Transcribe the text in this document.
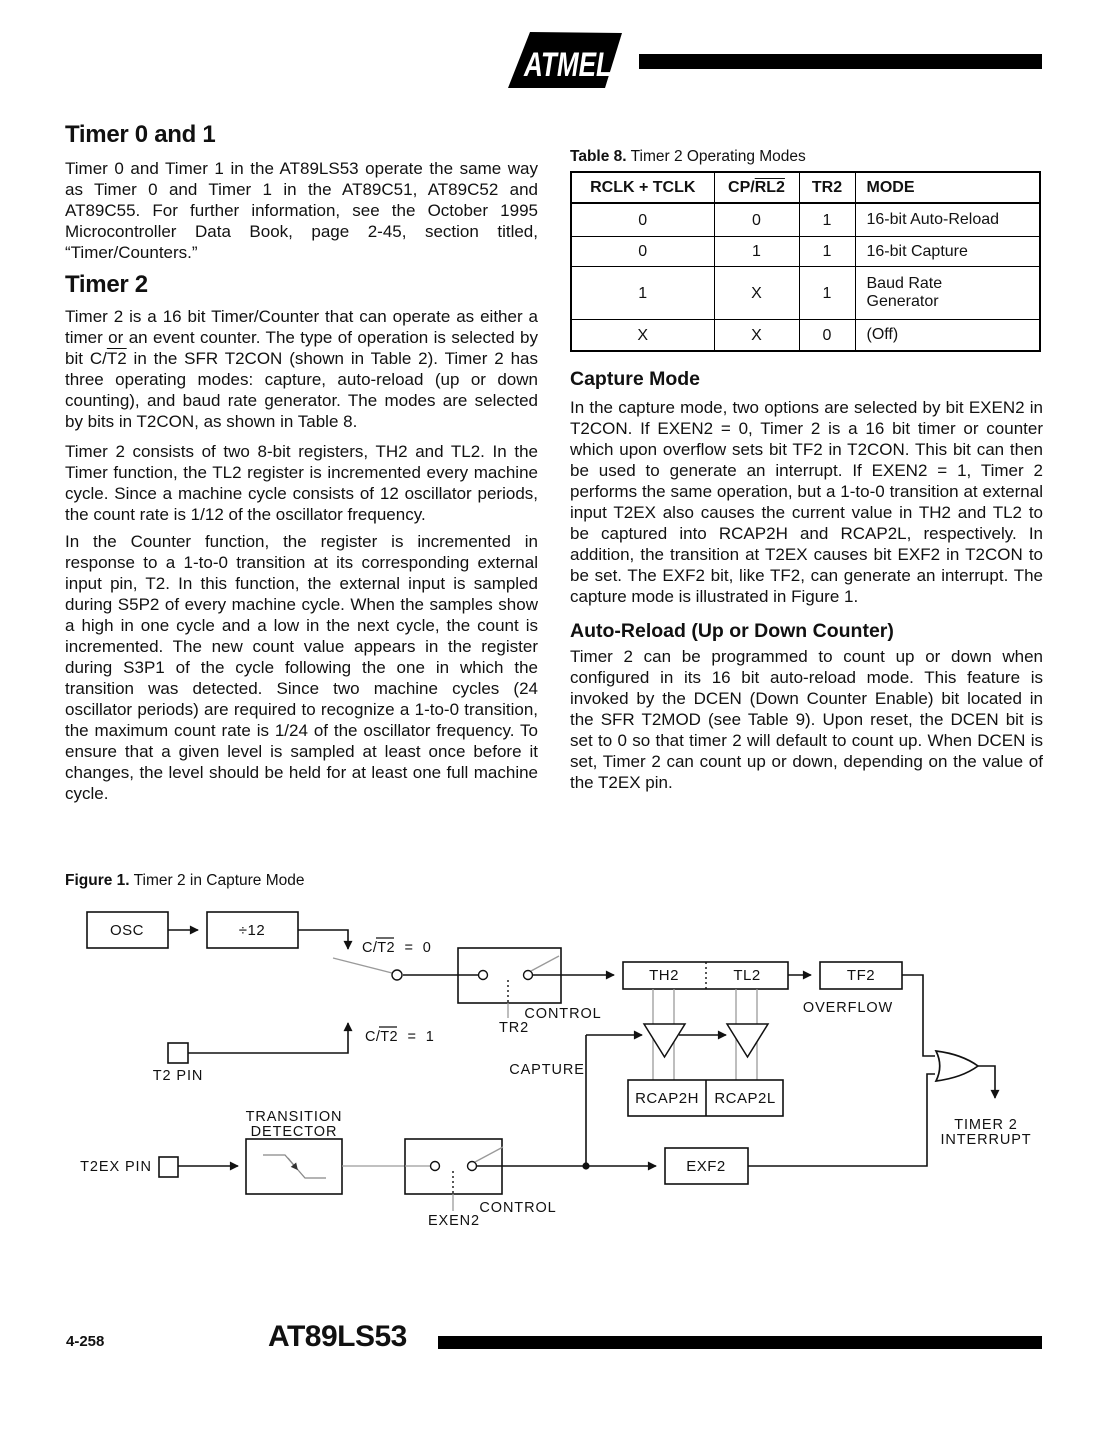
ATMEL
Timer 0 and 1

Timer 0 and Timer 1 in the AT89LS53 operate the same way as Timer 0 and Timer 1 in the AT89C51, AT89C52 and AT89C55. For further information, see the October 1995 Microcontroller Data Book, page 2-45, section titled, “Timer/Counters.”

Timer 2

Timer 2 is a 16 bit Timer/Counter that can operate as either a timer or an event counter. The type of operation is selected by bit C/T2 in the SFR T2CON (shown in Table 2). Timer 2 has three operating modes: capture, auto-reload (up or down counting), and baud rate generator. The modes are selected by bits in T2CON, as shown in Table 8.

Timer 2 consists of two 8-bit registers, TH2 and TL2. In the Timer function, the TL2 register is incremented every machine cycle. Since a machine cycle consists of 12 oscillator periods, the count rate is 1/12 of the oscillator frequency.

In the Counter function, the register is incremented in response to a 1-to-0 transition at its corresponding external input pin, T2. In this function, the external input is sampled during S5P2 of every machine cycle. When the samples show a high in one cycle and a low in the next cycle, the count is incremented. The new count value appears in the register during S3P1 of the cycle following the one in which the transition was detected. Since two machine cycles (24 oscillator periods) are required to recognize a 1-to-0 transition, the maximum count rate is 1/24 of the oscillator frequency. To ensure that a given level is sampled at least once before it changes, the level should be held for at least one full machine cycle.

Table 8. Timer 2 Operating Modes
RCLK + TCLK	CP/RL2	TR2	MODE
0	0	1	16-bit Auto-Reload
0	1	1	16-bit Capture
1	X	1	Baud Rate
Generator

X	X	0	(Off)
Capture Mode

In the capture mode, two options are selected by bit EXEN2 in T2CON. If EXEN2 = 0, Timer 2 is a 16 bit timer or counter which upon overflow sets bit TF2 in T2CON. This bit can then be used to generate an interrupt. If EXEN2 = 1, Timer 2 performs the same operation, but a 1-to-0 transition at external input T2EX also causes the current value in TH2 and TL2 to be captured into RCAP2H and RCAP2L, respectively. In addition, the transition at T2EX causes bit EXF2 in T2CON to be set. The EXF2 bit, like TF2, can generate an interrupt. The capture mode is illustrated in Figure 1.

Auto-Reload (Up or Down Counter)

Timer 2 can be programmed to count up or down when configured in its 16 bit auto-reload mode. This feature is invoked by the DCEN (Down Counter Enable) bit located in the SFR T2MOD (see Table 9). Upon reset, the DCEN bit is set to 0 so that timer 2 will default to count up. When DCEN is set, Timer 2 can count up or down, depending on the value of the T2EX pin.

Figure 1. Timer 2 in Capture Mode
OSC	÷12
C/T2 = 0
T2 PIN
C/T2 = 1
TR2
CONTROL
TH2	TL2	TF2
OVERFLOW
CAPTURE
RCAP2H RCAP2L
TIMER 2
INTERRUPT
T2EX PIN
TRANSITION
DETECTOR
EXEN2
CONTROL
EXF2
4-258	AT89LS53
